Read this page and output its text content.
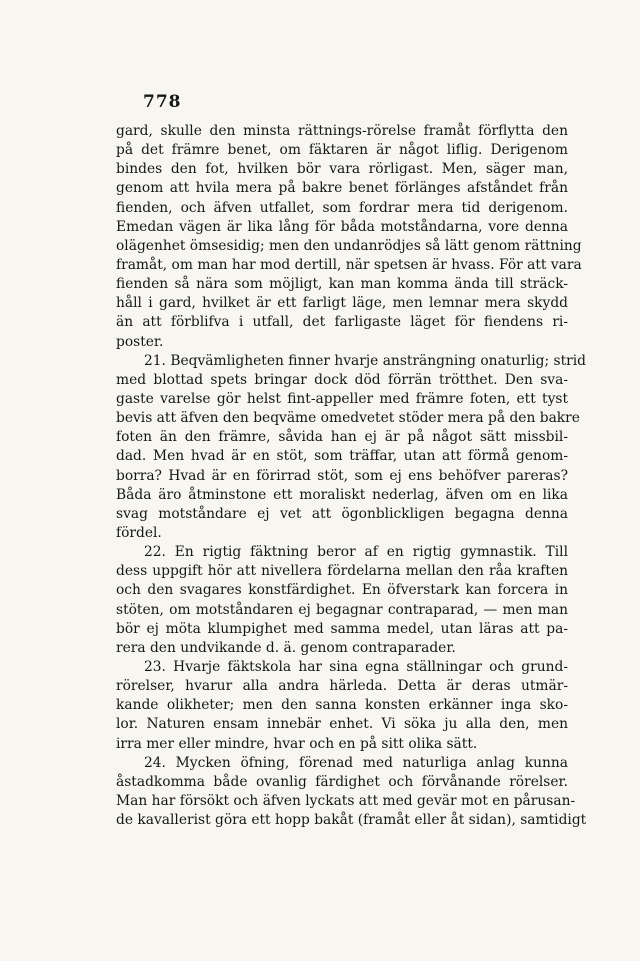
778
gard, skulle den minsta rättnings-rörelse framåt förflytta den
på det främre benet, om fäktaren är något liflig. Derigenom
bindes den fot, hvilken bör vara rörligast. Men, säger man,
genom att hvila mera på bakre benet förlänges afståndet från
fienden, och äfven utfallet, som fordrar mera tid derigenom.
Emedan vägen är lika lång för båda motståndarna, vore denna
olägenhet ömsesidig; men den undanrödjes så lätt genom rättning
framåt, om man har mod dertill, när spetsen är hvass. För att vara
fienden så nära som möjligt, kan man komma ända till sträck-
håll i gard, hvilket är ett farligt läge, men lemnar mera skydd
än att förblifva i utfall, det farligaste läget för fiendens ri-
poster.
21. Beqvämligheten finner hvarje ansträngning onaturlig; strid
med blottad spets bringar dock död förrän trötthet. Den sva-
gaste varelse gör helst fint-appeller med främre foten, ett tyst
bevis att äfven den beqväme omedvetet stöder mera på den bakre
foten än den främre, såvida han ej är på något sätt missbil-
dad. Men hvad är en stöt, som träffar, utan att förmå genom-
borra? Hvad är en förirrad stöt, som ej ens behöfver pareras?
Båda äro åtminstone ett moraliskt nederlag, äfven om en lika
svag motståndare ej vet att ögonblickligen begagna denna
fördel.
22. En rigtig fäktning beror af en rigtig gymnastik. Till
dess uppgift hör att nivellera fördelarna mellan den råa kraften
och den svagares konstfärdighet. En öfverstark kan forcera in
stöten, om motståndaren ej begagnar contraparad, — men man
bör ej möta klumpighet med samma medel, utan läras att pa-
rera den undvikande d. ä. genom contraparader.
23. Hvarje fäktskola har sina egna ställningar och grund-
rörelser, hvarur alla andra härleda. Detta är deras utmär-
kande olikheter; men den sanna konsten erkänner inga sko-
lor. Naturen ensam innebär enhet. Vi söka ju alla den, men
irra mer eller mindre, hvar och en på sitt olika sätt.
24. Mycken öfning, förenad med naturliga anlag kunna
åstadkomma både ovanlig färdighet och förvånande rörelser.
Man har försökt och äfven lyckats att med gevär mot en pårusan-
de kavallerist göra ett hopp bakåt (framåt eller åt sidan), samtidigt
